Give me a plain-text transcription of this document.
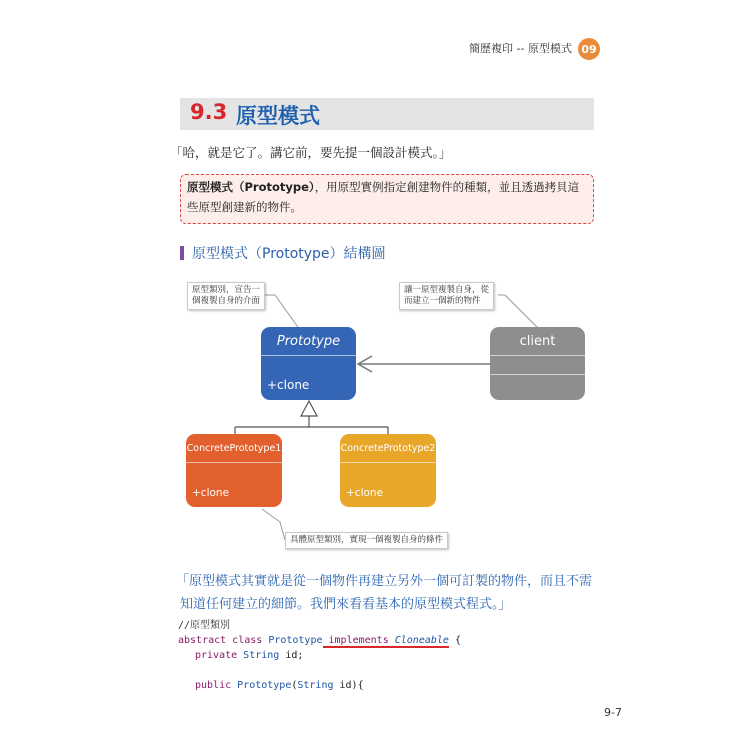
簡歷複印 -- 原型模式 09
9.3 原型模式
「哈，就是它了。講它前，要先提一個設計模式。」
原型模式（Prototype），用原型實例指定創建物件的種類，並且透過拷貝這
些原型創建新的物件。
原型模式（Prototype）結構圖
原型類別，宣告一
個複製自身的介面
讓一原型複製自身，從
而建立一個新的物件
具體原型類別，實現一個複製自身的條件
Prototype
+clone
client
ConcretePrototype1
+clone
ConcretePrototype2
+clone
「原型模式其實就是從一個物件再建立另外一個可訂製的物件，而且不需
知道任何建立的細節。我們來看看基本的原型模式程式。」
//原型類別
abstract class Prototype implements Cloneable {
private String id;
public Prototype(String id){
9-7
